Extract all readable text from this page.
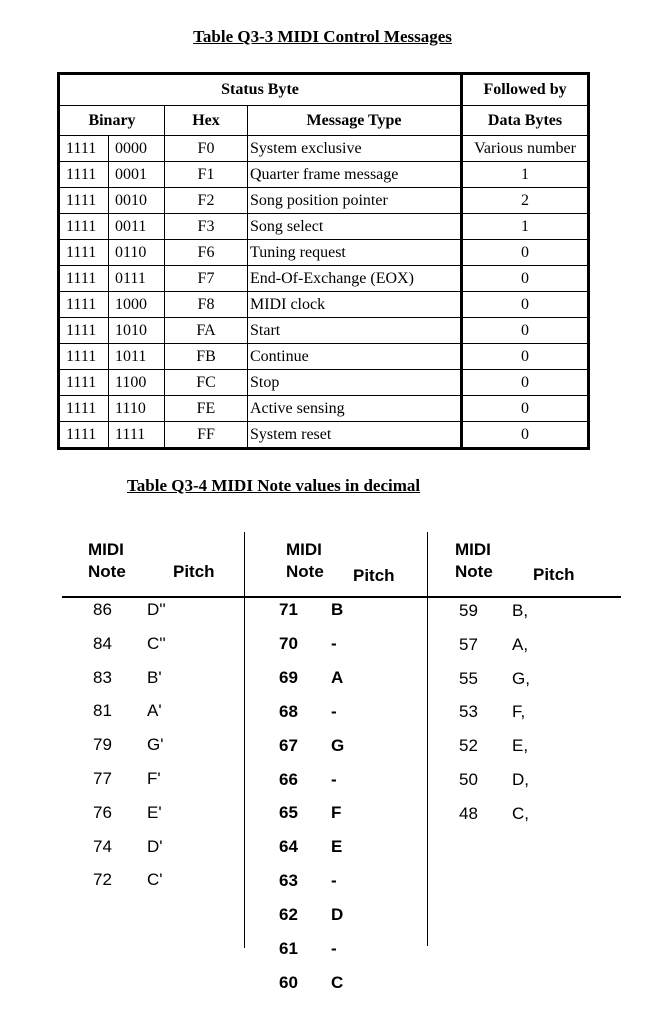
Table Q3-3 MIDI Control Messages
Status Byte				Followed by
Binary		Hex	Message Type	Data Bytes
1111	0000	F0	System exclusive	Various number
1111	0001	F1	Quarter frame message	1
1111	0010	F2	Song position pointer	2
1111	0011	F3	Song select	1
1111	0110	F6	Tuning request	0
1111	0111	F7	End-Of-Exchange (EOX)	0
1111	1000	F8	MIDI clock	0
1111	1010	FA	Start	0
1111	1011	FB	Continue	0
1111	1100	FC	Stop	0
1111	1110	FE	Active sensing	0
1111	1111	FF	System reset	0
Table Q3-4 MIDI Note values in decimal
MIDI
Note	Pitch
MIDI
Note Pitch
MIDI
Note Pitch
86 D''
84 C''
83 B'
81 A'
79 G'
77 F'
76 E'
74 D'
72 C'
71 B
70 -
69 A
68 -
67 G
66 -
65 F
64 E
63 -
62 D
61 -
60 C
59 B,
57 A,
55 G,
53 F,
52 E,
50 D,
48 C,
